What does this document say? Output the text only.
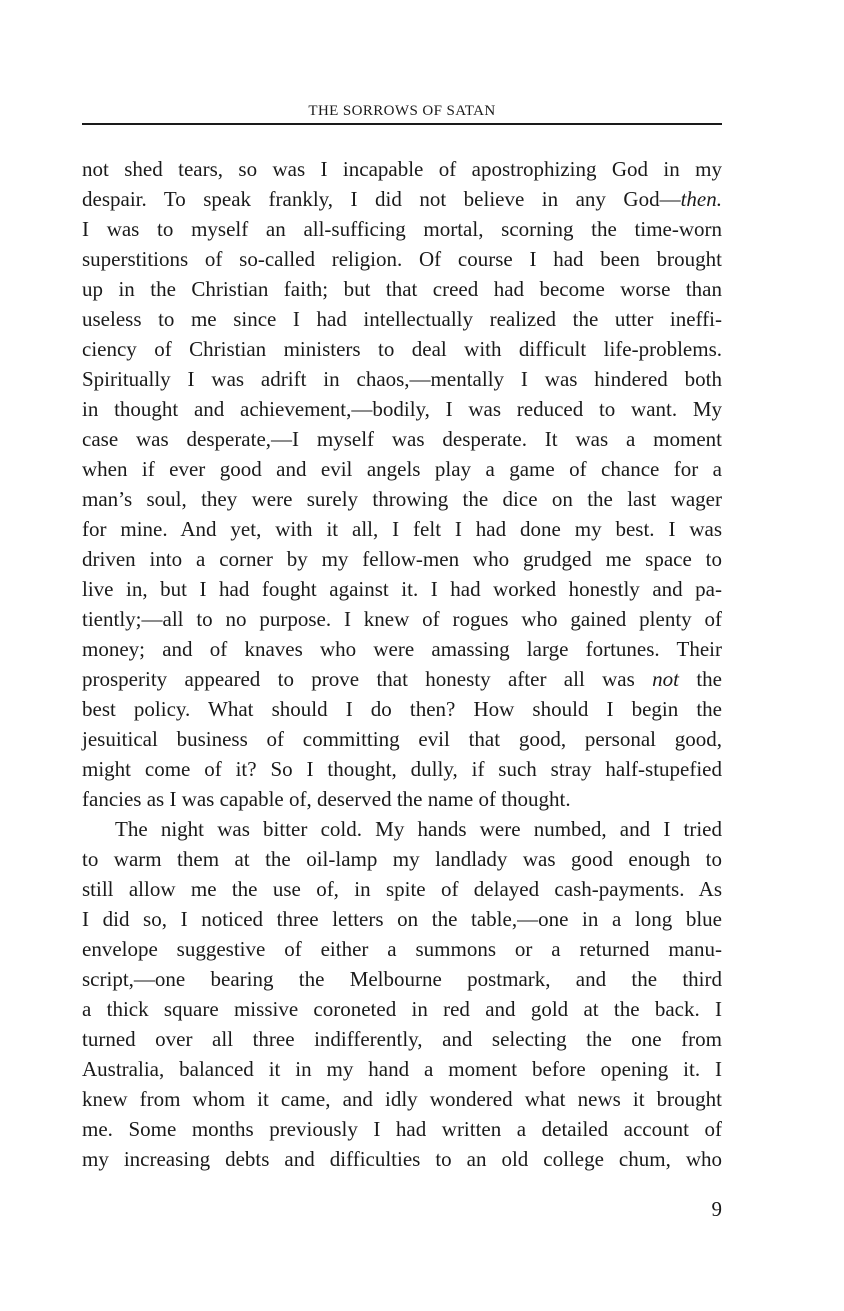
THE SORROWS OF SATAN
not shed tears, so was I incapable of apostrophizing God in my
despair. To speak frankly, I did not believe in any God—then.
I was to myself an all-sufficing mortal, scorning the time-worn
superstitions of so-called religion. Of course I had been brought
up in the Christian faith; but that creed had become worse than
useless to me since I had intellectually realized the utter ineffi-
ciency of Christian ministers to deal with difficult life-problems.
Spiritually I was adrift in chaos,—mentally I was hindered both
in thought and achievement,—bodily, I was reduced to want. My
case was desperate,—I myself was desperate. It was a moment
when if ever good and evil angels play a game of chance for a
man’s soul, they were surely throwing the dice on the last wager
for mine. And yet, with it all, I felt I had done my best. I was
driven into a corner by my fellow-men who grudged me space to
live in, but I had fought against it. I had worked honestly and pa-
tiently;—all to no purpose. I knew of rogues who gained plenty of
money; and of knaves who were amassing large fortunes. Their
prosperity appeared to prove that honesty after all was not the
best policy. What should I do then? How should I begin the
jesuitical business of committing evil that good, personal good,
might come of it? So I thought, dully, if such stray half-stupefied
fancies as I was capable of, deserved the name of thought.
The night was bitter cold. My hands were numbed, and I tried
to warm them at the oil-lamp my landlady was good enough to
still allow me the use of, in spite of delayed cash-payments. As
I did so, I noticed three letters on the table,—one in a long blue
envelope suggestive of either a summons or a returned manu-
script,—one bearing the Melbourne postmark, and the third
a thick square missive coroneted in red and gold at the back. I
turned over all three indifferently, and selecting the one from
Australia, balanced it in my hand a moment before opening it. I
knew from whom it came, and idly wondered what news it brought
me. Some months previously I had written a detailed account of
my increasing debts and difficulties to an old college chum, who
9
